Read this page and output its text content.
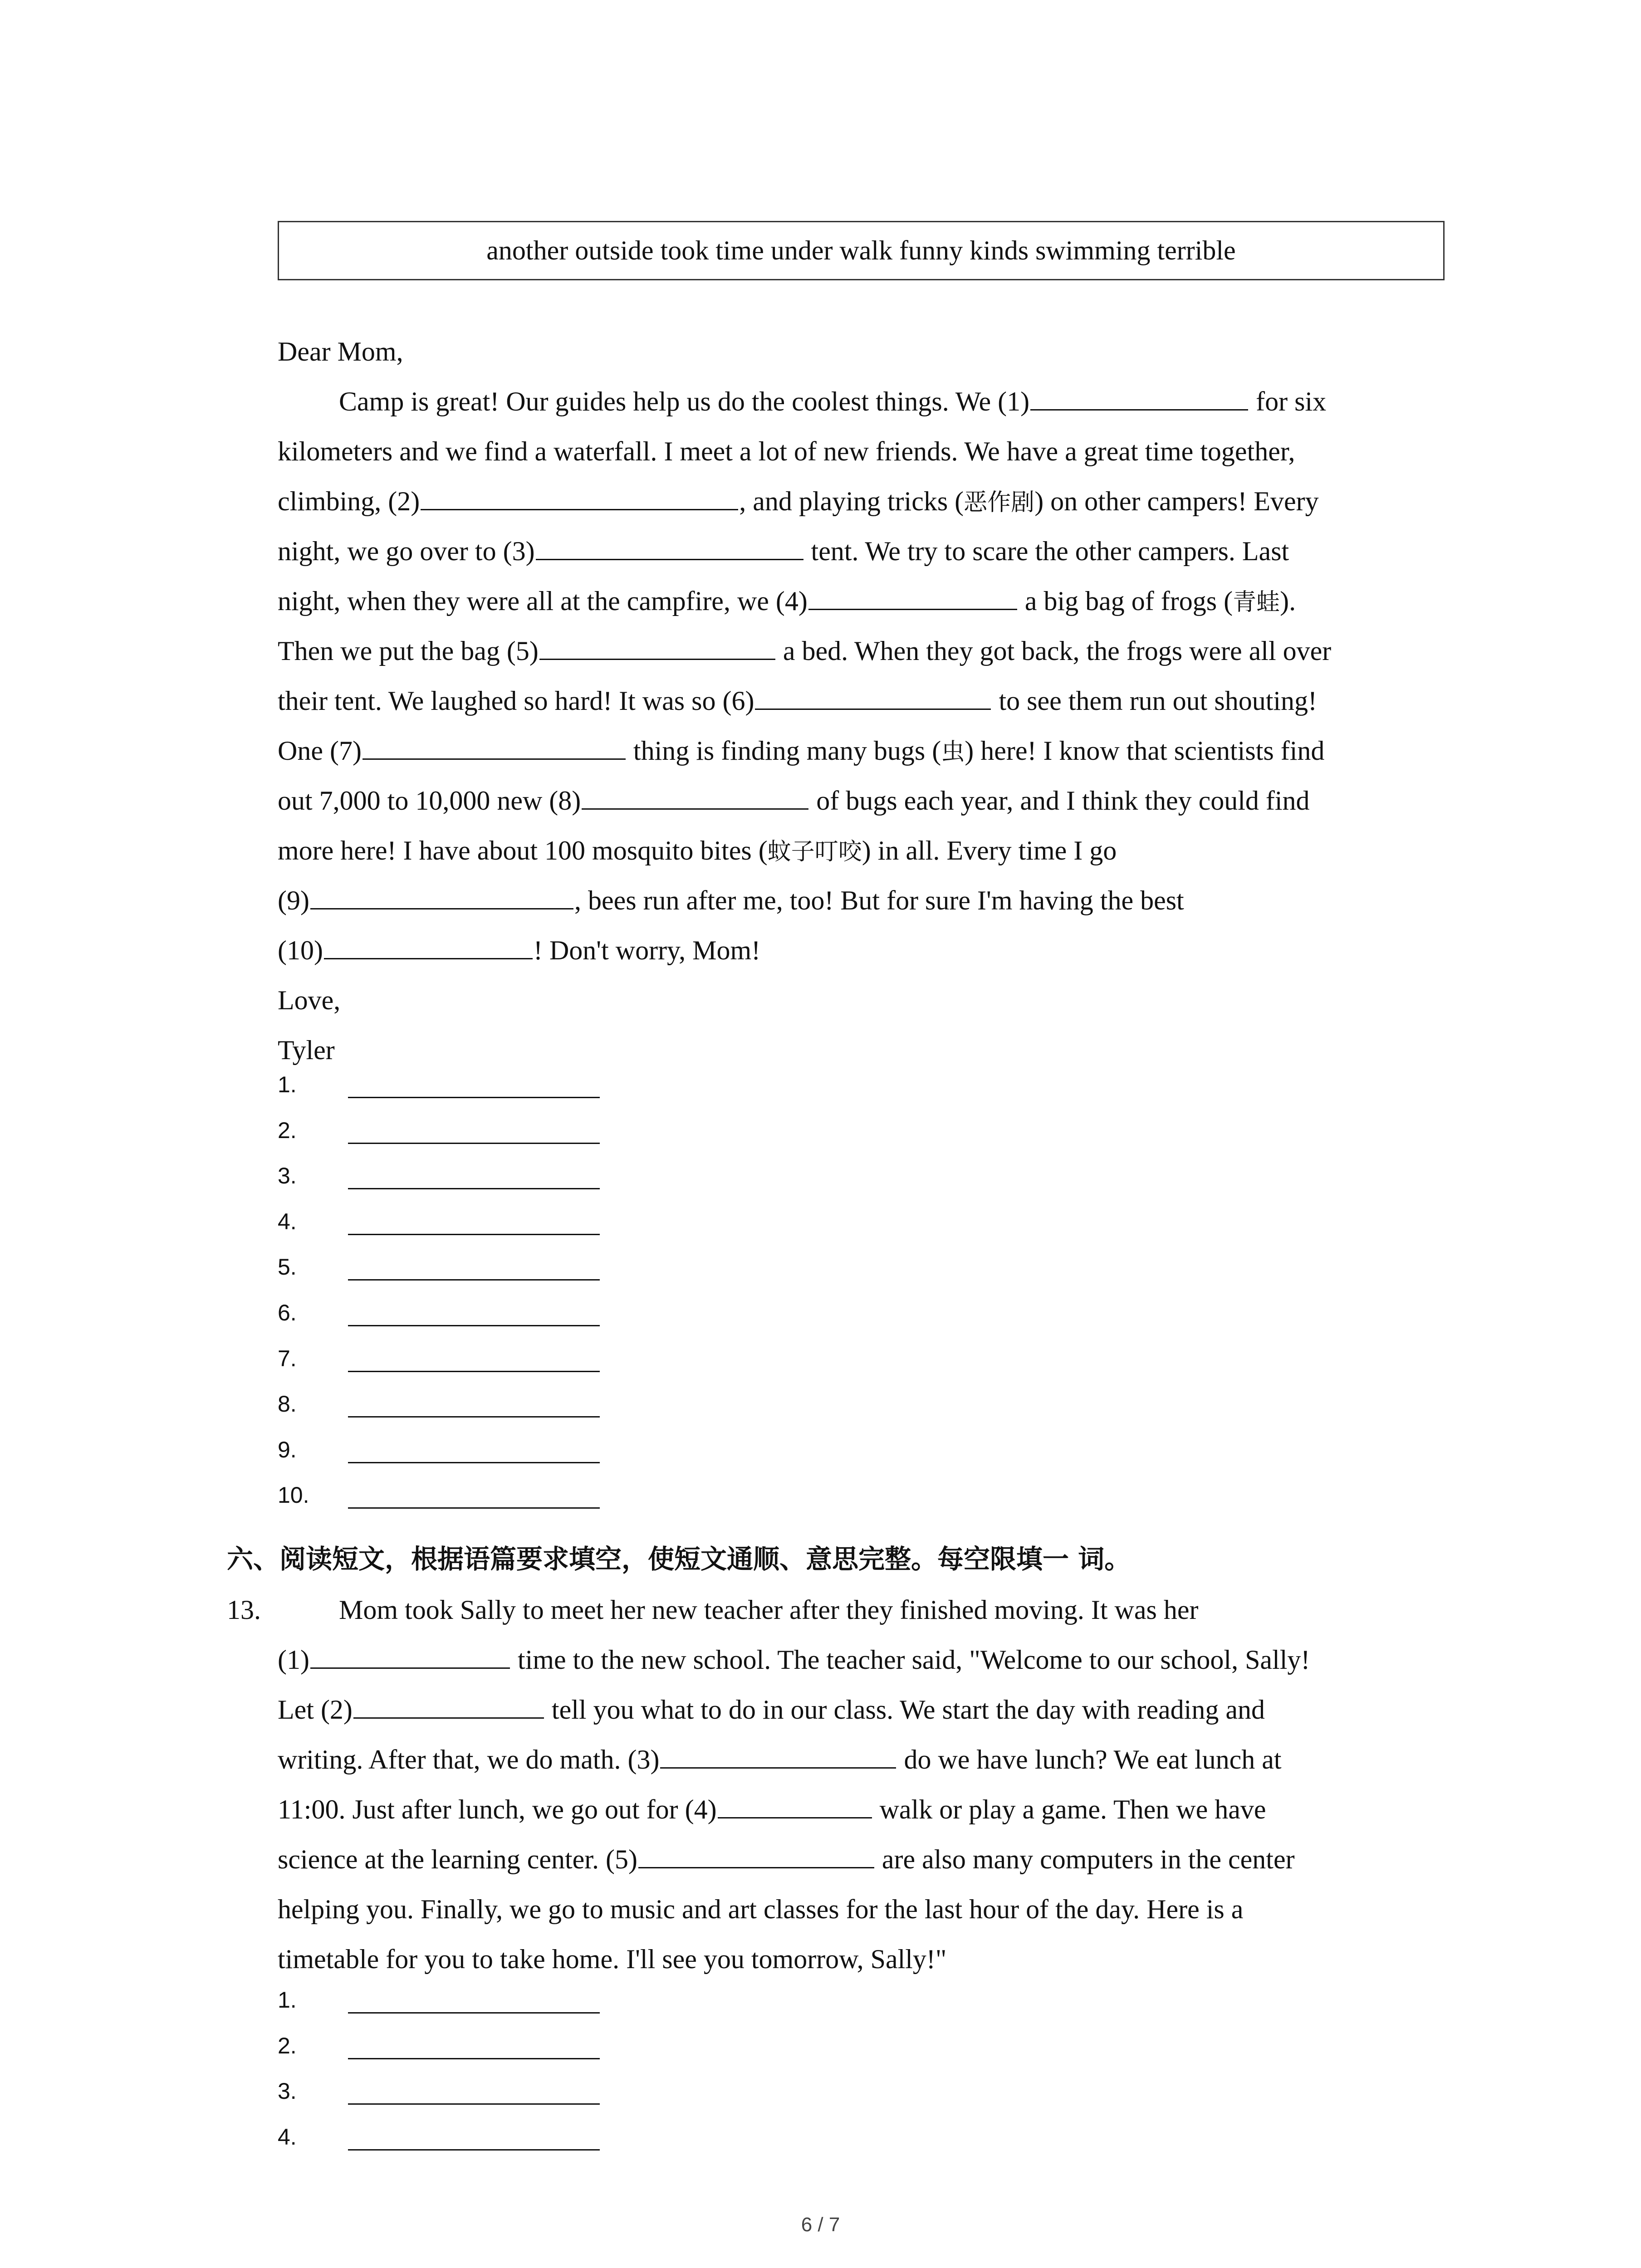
another outside took time under walk funny kinds swimming terrible
Dear Mom,
Camp is great! Our guides help us do the coolest things. We (1)	for six
kilometers and we find a waterfall. I meet a lot of new friends. We have a great time together,
climbing, (2)	, and playing tricks (恶作剧) on other campers! Every
night, we go over to (3)	tent. We try to scare the other campers. Last
night, when they were all at the campfire, we (4)	a big bag of frogs (青蛙).
Then we put the bag (5)	a bed. When they got back, the frogs were all over
their tent. We laughed so hard! It was so (6)	to see them run out shouting!
One (7)	thing is finding many bugs (虫) here! I know that scientists find
out 7,000 to 10,000 new (8)	of bugs each year, and I think they could find
more here! I have about 100 mosquito bites (蚊子叮咬) in all. Every time I go
(9)	, bees run after me, too! But for sure I'm having the best
(10)	! Don't worry, Mom!
Love,
Tyler
1.
2.
3.
4.
5.
6.
7.
8.
9.
10.
六、阅读短文，根据语篇要求填空，使短文通顺、意思完整。每空限填一 词。
13.	Mom took Sally to meet her new teacher after they finished moving. It was her
(1)	time to the new school. The teacher said, "Welcome to our school, Sally!
Let (2)	tell you what to do in our class. We start the day with reading and
writing. After that, we do math. (3)	do we have lunch? We eat lunch at
11:00. Just after lunch, we go out for (4)	walk or play a game. Then we have
science at the learning center. (5)	are also many computers in the center
helping you. Finally, we go to music and art classes for the last hour of the day. Here is a
timetable for you to take home. I'll see you tomorrow, Sally!"
1.
2.
3.
4.
6 / 7
